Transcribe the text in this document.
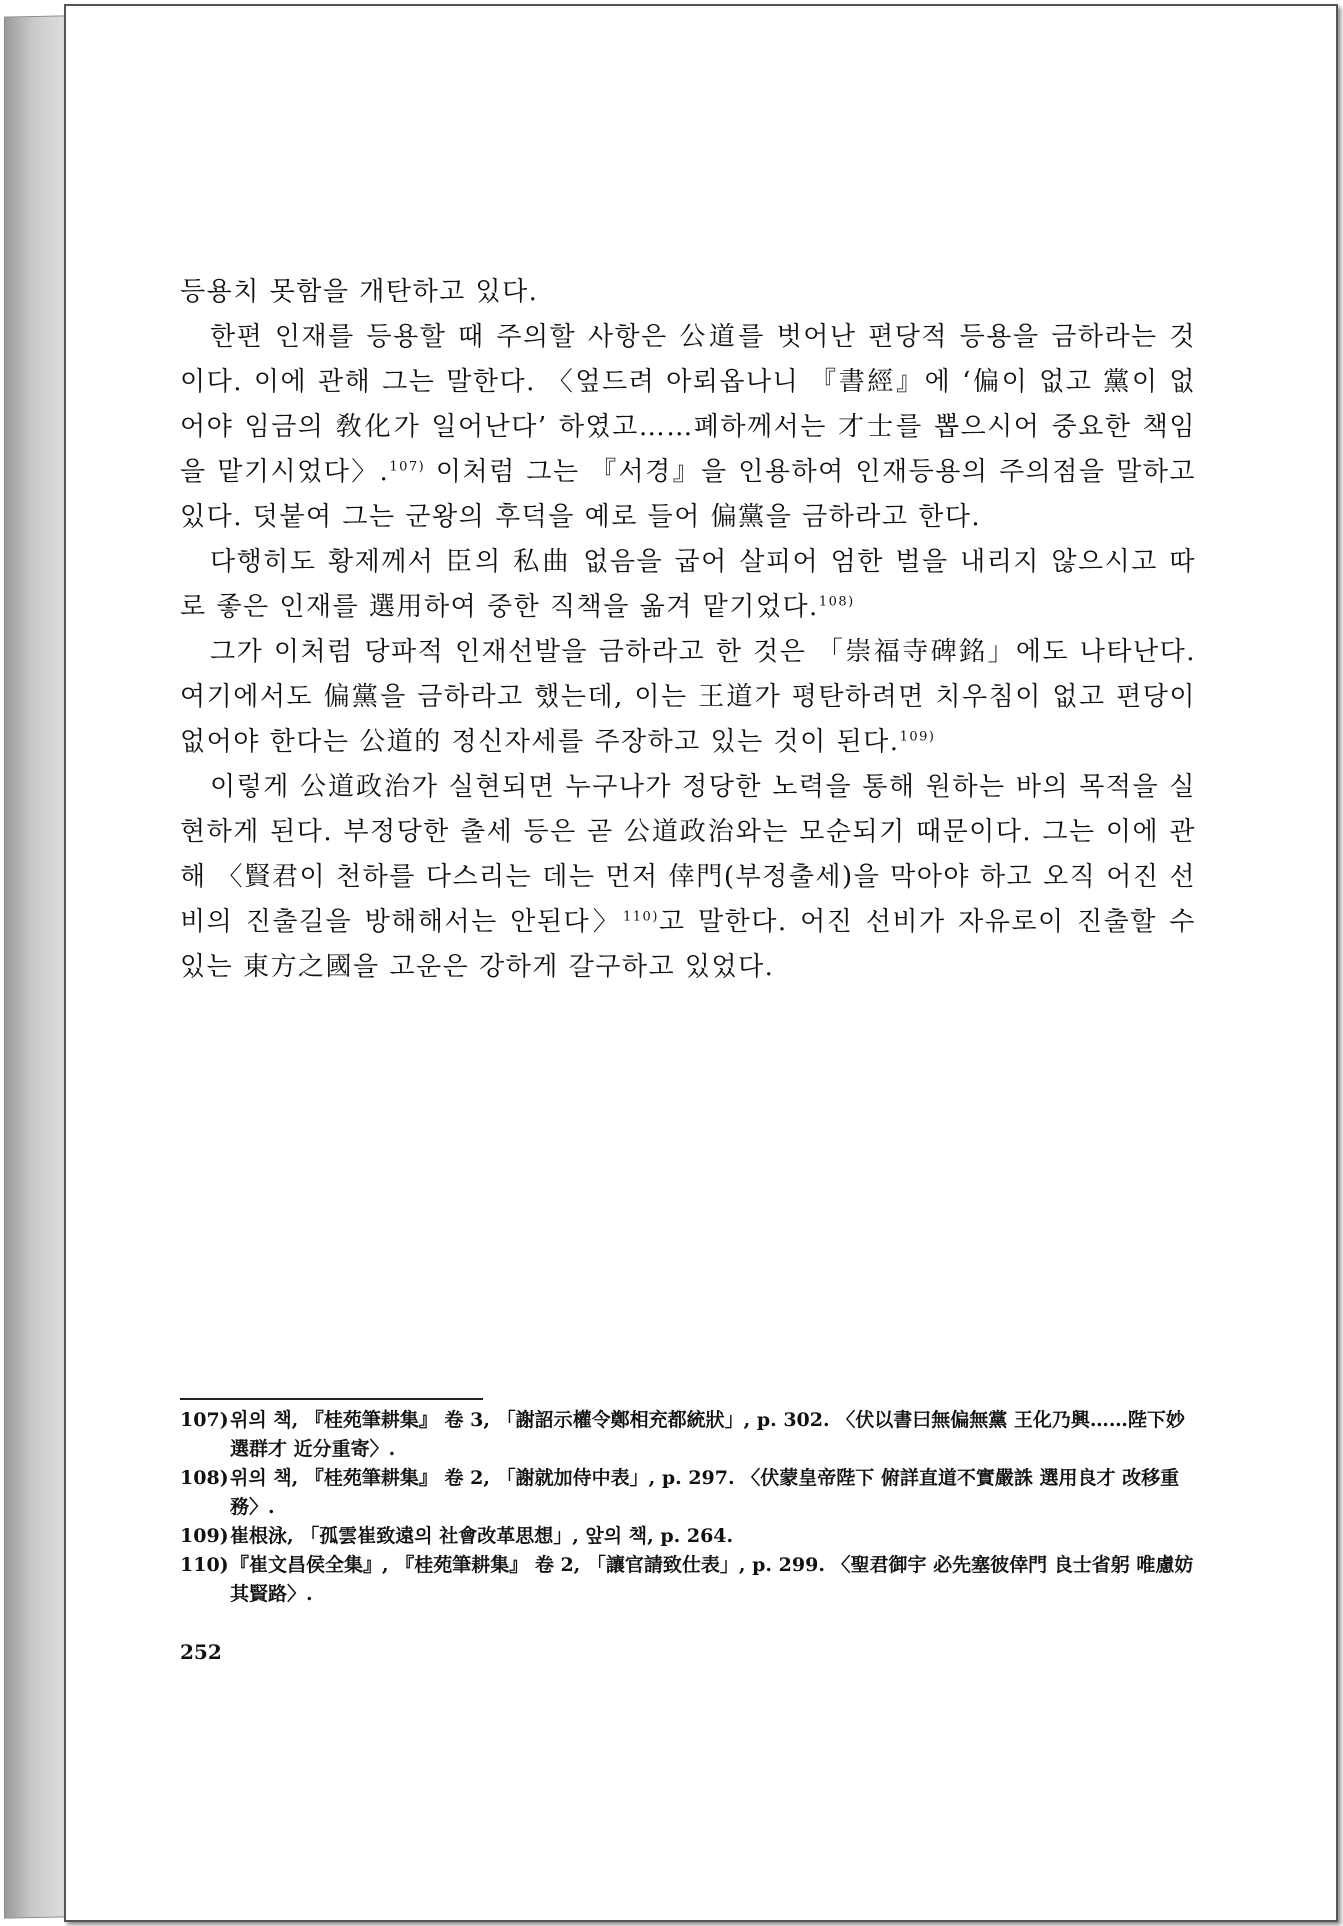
등용치 못함을 개탄하고 있다.

한편 인재를 등용할 때 주의할 사항은 公道를 벗어난 편당적 등용을 금하라는 것이다. 이에 관해 그는 말한다. 〈엎드려 아뢰옵나니 『書經』에 ‘偏이 없고 黨이 없어야 임금의 敎化가 일어난다’ 하였고……폐하께서는 才士를 뽑으시어 중요한 책임을 맡기시었다〉.$^{107)}$ 이처럼 그는 『서경』을 인용하여 인재등용의 주의점을 말하고 있다. 덧붙여 그는 군왕의 후덕을 예로 들어 偏黨을 금하라고 한다.

다행히도 황제께서 臣의 私曲 없음을 굽어 살피어 엄한 벌을 내리지 않으시고 따로 좋은 인재를 選用하여 중한 직책을 옮겨 맡기었다.$^{108)}$

그가 이처럼 당파적 인재선발을 금하라고 한 것은 「崇福寺碑銘」에도 나타난다. 여기에서도 偏黨을 금하라고 했는데, 이는 王道가 평탄하려면 치우침이 없고 편당이 없어야 한다는 公道的 정신자세를 주장하고 있는 것이 된다.$^{109)}$

이렇게 公道政治가 실현되면 누구나가 정당한 노력을 통해 원하는 바의 목적을 실현하게 된다. 부정당한 출세 등은 곧 公道政治와는 모순되기 때문이다. 그는 이에 관해 〈賢君이 천하를 다스리는 데는 먼저 倖門(부정출세)을 막아야 하고 오직 어진 선비의 진출길을 방해해서는 안된다〉$^{110)}$고 말한다. 어진 선비가 자유로이 진출할 수 있는 東方之國을 고운은 강하게 갈구하고 있었다.

107) 위의 책, 『桂苑筆耕集』 卷 3, 「謝詔示權令鄭相充都統狀」, p. 302. 〈伏以書曰無偏無黨 王化乃興……陛下妙選群才 近分重寄〉.
108) 위의 책, 『桂苑筆耕集』 卷 2, 「謝就加侍中表」, p. 297. 〈伏蒙皇帝陛下 俯詳直道不實嚴誅 選用良才 改移重務〉.
109) 崔根泳, 「孤雲崔致遠의 社會改革思想」, 앞의 책, p. 264.
110) 『崔文昌侯全集』, 『桂苑筆耕集』 卷 2, 「讓官請致仕表」, p. 299. 〈聖君御宇 必先塞彼倖門 良士省躬 唯慮妨其賢路〉.
252
